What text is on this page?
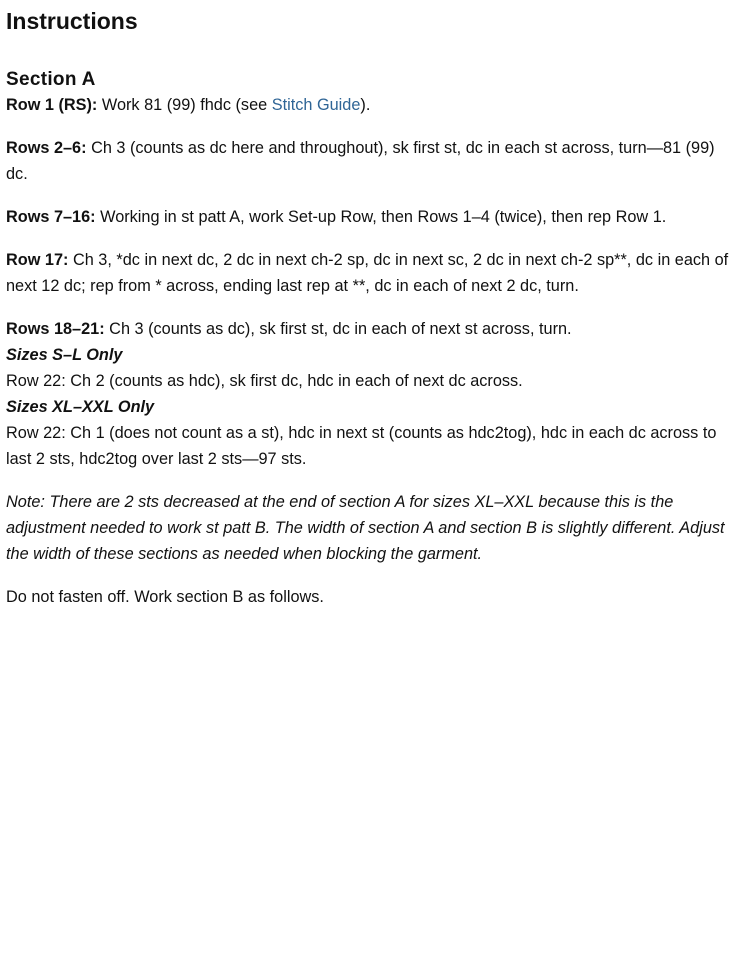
Instructions
Section A

Row 1 (RS): Work 81 (99) fhdc (see Stitch Guide).

Rows 2–6: Ch 3 (counts as dc here and throughout), sk first st, dc in each st across, turn—81 (99) dc.

Rows 7–16: Working in st patt A, work Set-up Row, then Rows 1–4 (twice), then rep Row 1.

Row 17: Ch 3, *dc in next dc, 2 dc in next ch-2 sp, dc in next sc, 2 dc in next ch-2 sp**, dc in each of next 12 dc; rep from * across, ending last rep at **, dc in each of next 2 dc, turn.

Rows 18–21: Ch 3 (counts as dc), sk first st, dc in each of next st across, turn.

Sizes S–L Only

Row 22: Ch 2 (counts as hdc), sk first dc, hdc in each of next dc across.

Sizes XL–XXL Only

Row 22: Ch 1 (does not count as a st), hdc in next st (counts as hdc2tog), hdc in each dc across to last 2 sts, hdc2tog over last 2 sts—97 sts.

Note: There are 2 sts decreased at the end of section A for sizes XL–XXL because this is the adjustment needed to work st patt B. The width of section A and section B is slightly different. Adjust the width of these sections as needed when blocking the garment.

Do not fasten off. Work section B as follows.
